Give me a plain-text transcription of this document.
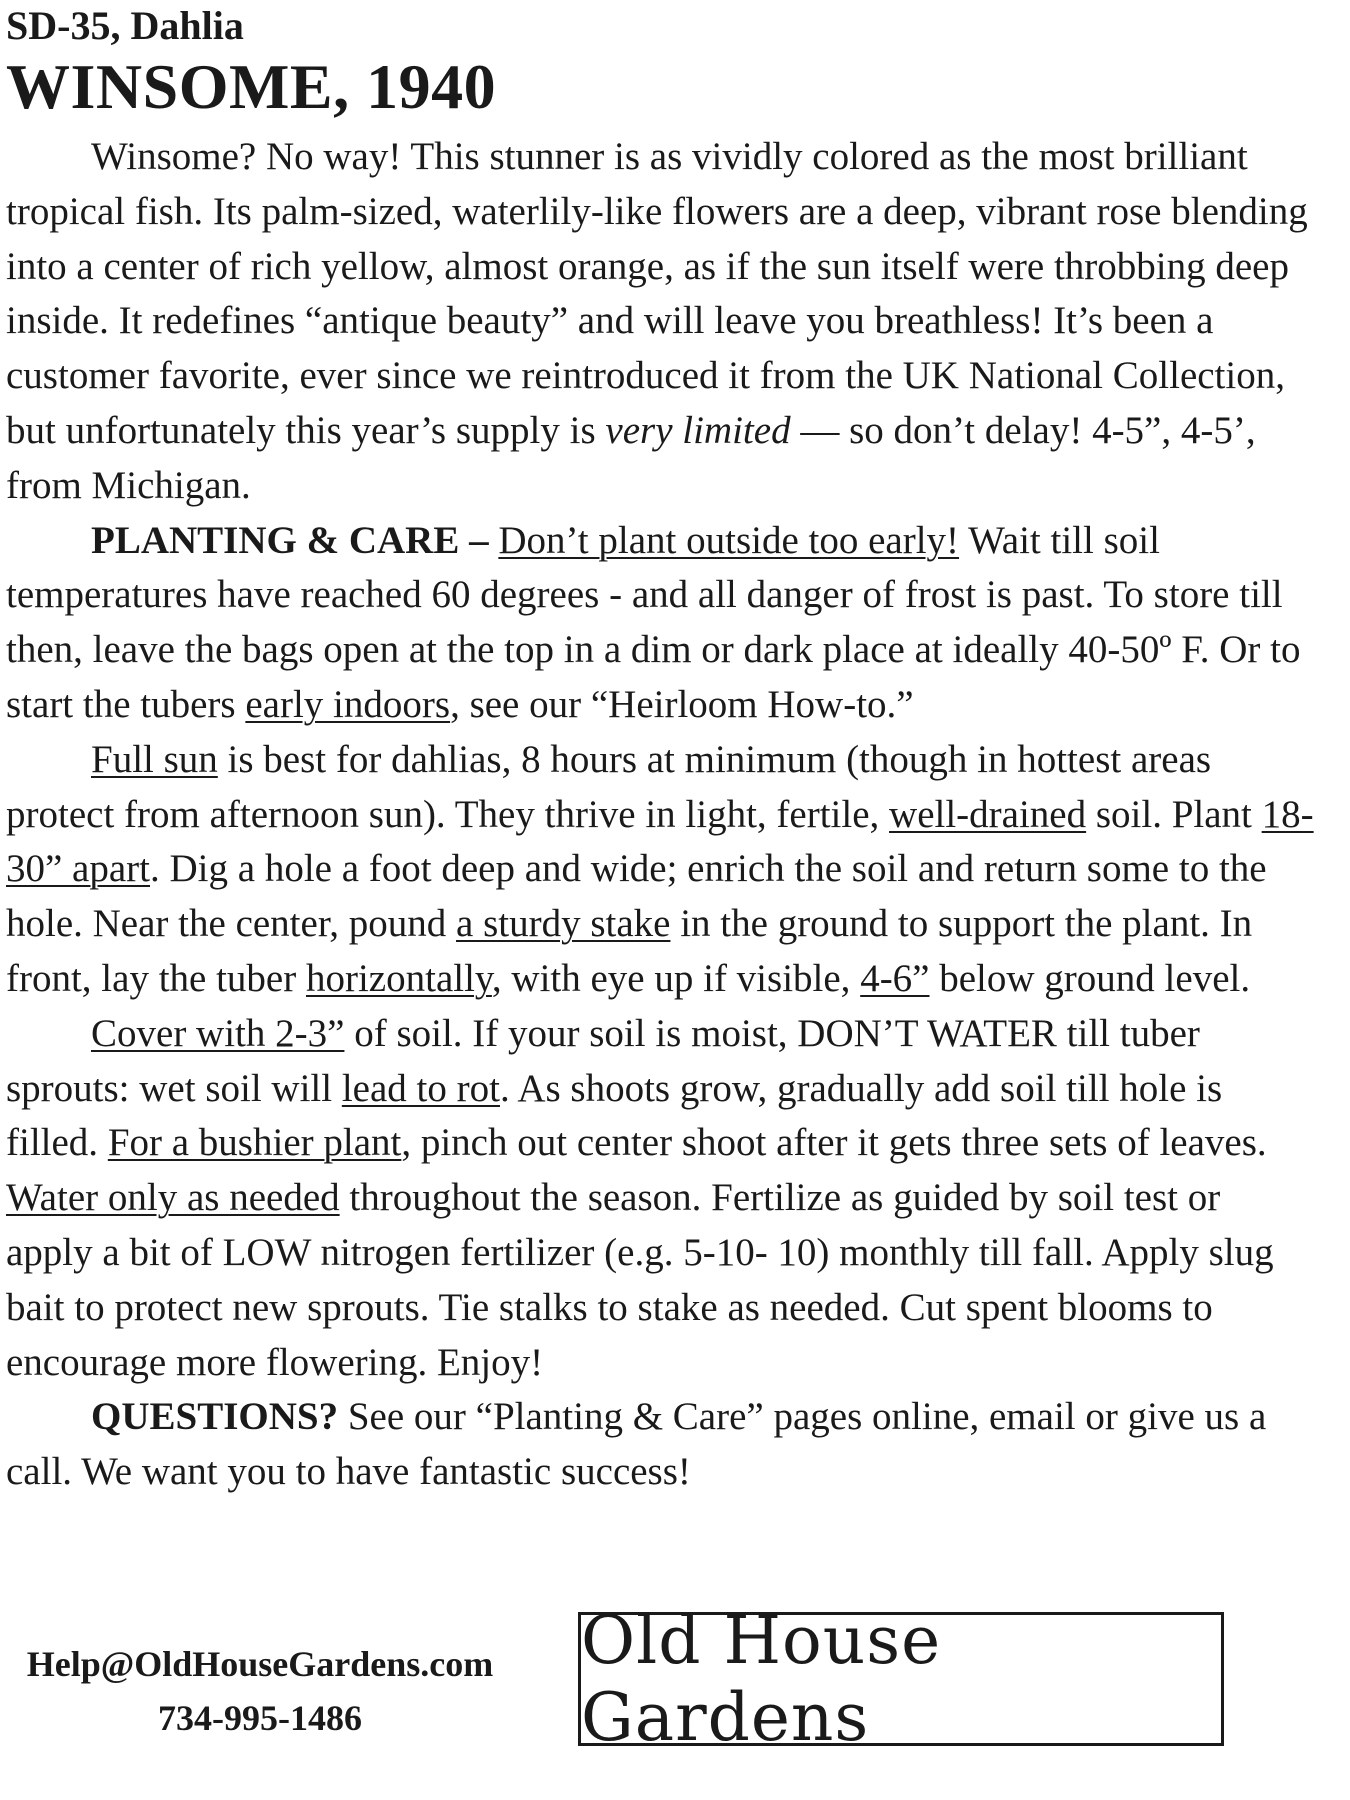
SD-35, Dahlia
WINSOME, 1940

Winsome? No way! This stunner is as vividly colored as the most brilliant tropical fish. Its palm-sized, waterlily-like flowers are a deep, vibrant rose blending into a center of rich yellow, almost orange, as if the sun itself were throbbing deep inside. It redefines “antique beauty” and will leave you breathless! It’s been a customer favorite, ever since we reintroduced it from the UK National Collection, but unfortunately this year’s supply is very limited — so don’t delay! 4-5”, 4-5’, from Michigan.

PLANTING & CARE – Don’t plant outside too early! Wait till soil temperatures have reached 60 degrees - and all danger of frost is past. To store till then, leave the bags open at the top in a dim or dark place at ideally 40-50º F. Or to start the tubers early indoors, see our “Heirloom How-to.”

Full sun is best for dahlias, 8 hours at minimum (though in hottest areas protect from afternoon sun). They thrive in light, fertile, well-drained soil. Plant 18-30” apart. Dig a hole a foot deep and wide; enrich the soil and return some to the hole. Near the center, pound a sturdy stake in the ground to support the plant. In front, lay the tuber horizontally, with eye up if visible, 4-6” below ground level.

Cover with 2-3” of soil. If your soil is moist, DON’T WATER till tuber sprouts: wet soil will lead to rot. As shoots grow, gradually add soil till hole is filled. For a bushier plant, pinch out center shoot after it gets three sets of leaves. Water only as needed throughout the season. Fertilize as guided by soil test or apply a bit of LOW nitrogen fertilizer (e.g. 5-10- 10) monthly till fall. Apply slug bait to protect new sprouts. Tie stalks to stake as needed. Cut spent blooms to encourage more flowering. Enjoy!

QUESTIONS? See our “Planting & Care” pages online, email or give us a call. We want you to have fantastic success!

Help@OldHouseGardens.com
734-995-1486
Old House Gardens
